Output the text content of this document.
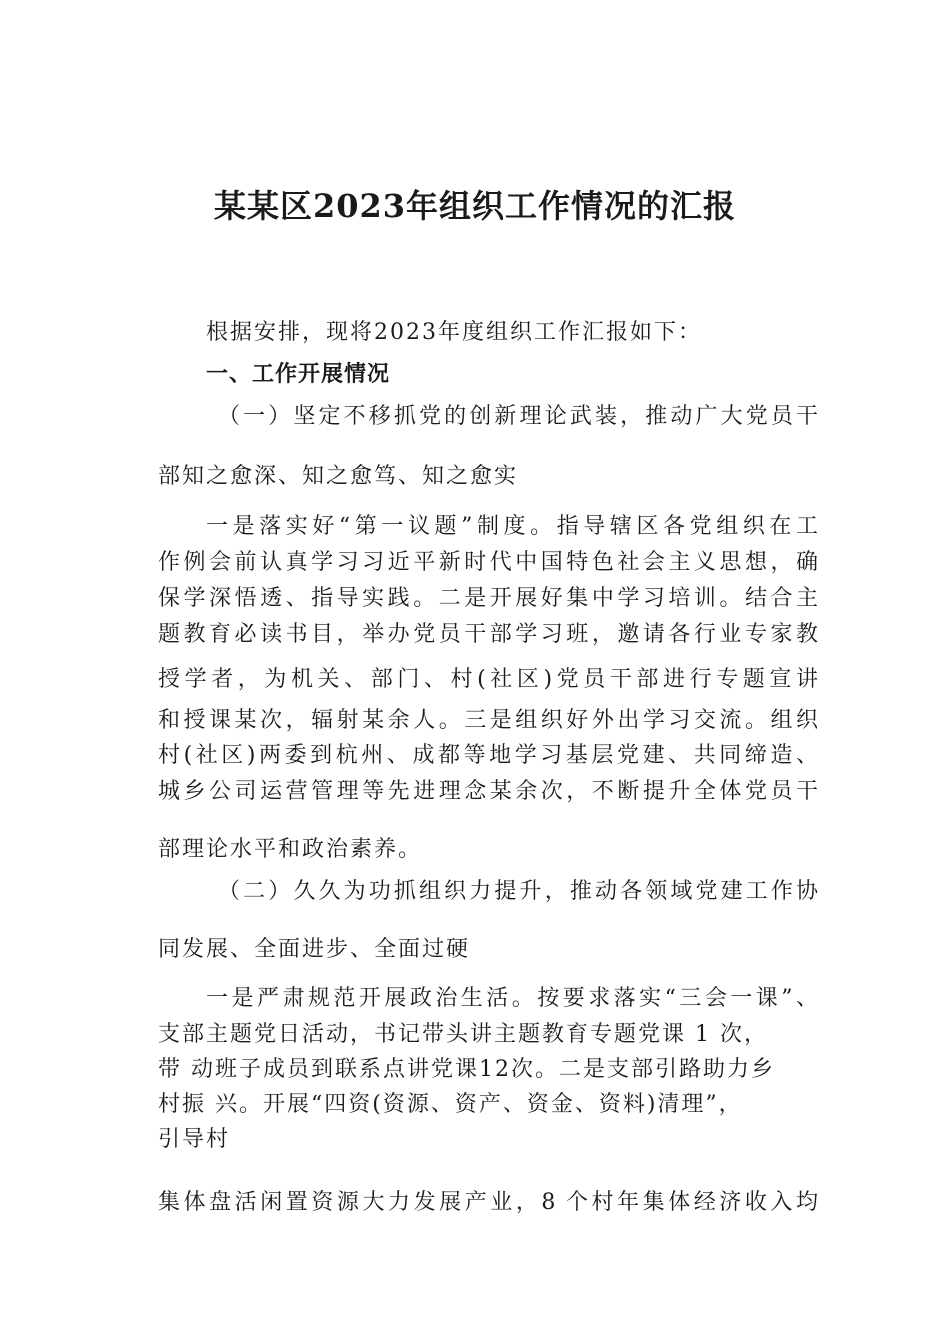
某某区2023年组织工作情况的汇报
根据安排，现将2023年度组织工作汇报如下：
一、工作开展情况
（一）坚定不移抓党的创新理论武装，推动广大党员干
部知之愈深、知之愈笃、知之愈实
一是落实好“第一议题”制度。指导辖区各党组织在工
作例会前认真学习习近平新时代中国特色社会主义思想，确
保学深悟透、指导实践。二是开展好集中学习培训。结合主
题教育必读书目，举办党员干部学习班，邀请各行业专家教
授学者，为机关、部门、村(社区)党员干部进行专题宣讲
和授课某次，辐射某余人。三是组织好外出学习交流。组织
村(社区)两委到杭州、成都等地学习基层党建、共同缔造、
城乡公司运营管理等先进理念某余次，不断提升全体党员干
部理论水平和政治素养。
（二）久久为功抓组织力提升，推动各领域党建工作协
同发展、全面进步、全面过硬
一是严肃规范开展政治生活。按要求落实“三会一课”、
支部主题党日活动，书记带头讲主题教育专题党课 1 次，
带 动班子成员到联系点讲党课12次。二是支部引路助力乡
村振 兴。开展“四资(资源、资产、资金、资料)清理”，
引导村
集体盘活闲置资源大力发展产业，8 个村年集体经济收入均
